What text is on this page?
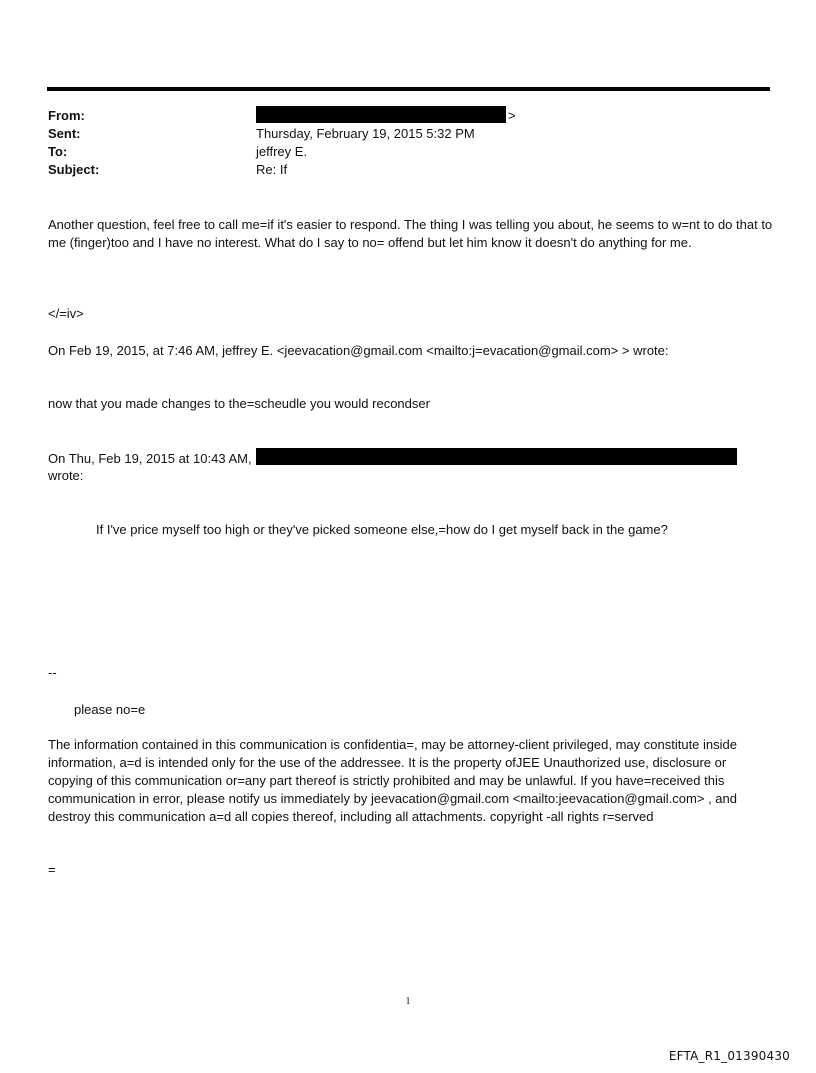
From:	>
Sent:	Thursday, February 19, 2015 5:32 PM
To:	jeffrey E.
Subject:	Re: If
Another question, feel free to call me=if it's easier to respond. The thing I was telling you about, he seems to w=nt to do that to me (finger)too and I have no interest. What do I say to no= offend but let him know it doesn't do anything for me.
</=iv>
On Feb 19, 2015, at 7:46 AM, jeffrey E. <jeevacation@gmail.com <mailto:j=evacation@gmail.com> > wrote:
now that you made changes to the=scheudle you would recondser
On Thu, Feb 19, 2015 at 10:43 AM,
wrote:
If I've price myself too high or they've picked someone else,=how do I get myself back in the game?
--
please no=e
The information contained in this communication is confidentia=, may be attorney-client privileged, may constitute inside information, a=d is intended only for the use of the addressee. It is the property ofJEE Unauthorized use, disclosure or copying of this communication or=any part thereof is strictly prohibited and may be unlawful. If you have=received this communication in error, please notify us immediately by jeevacation@gmail.com <mailto:jeevacation@gmail.com> , and destroy this communication a=d all copies thereof, including all attachments. copyright -all rights r=served
=
1
EFTA_R1_01390430
